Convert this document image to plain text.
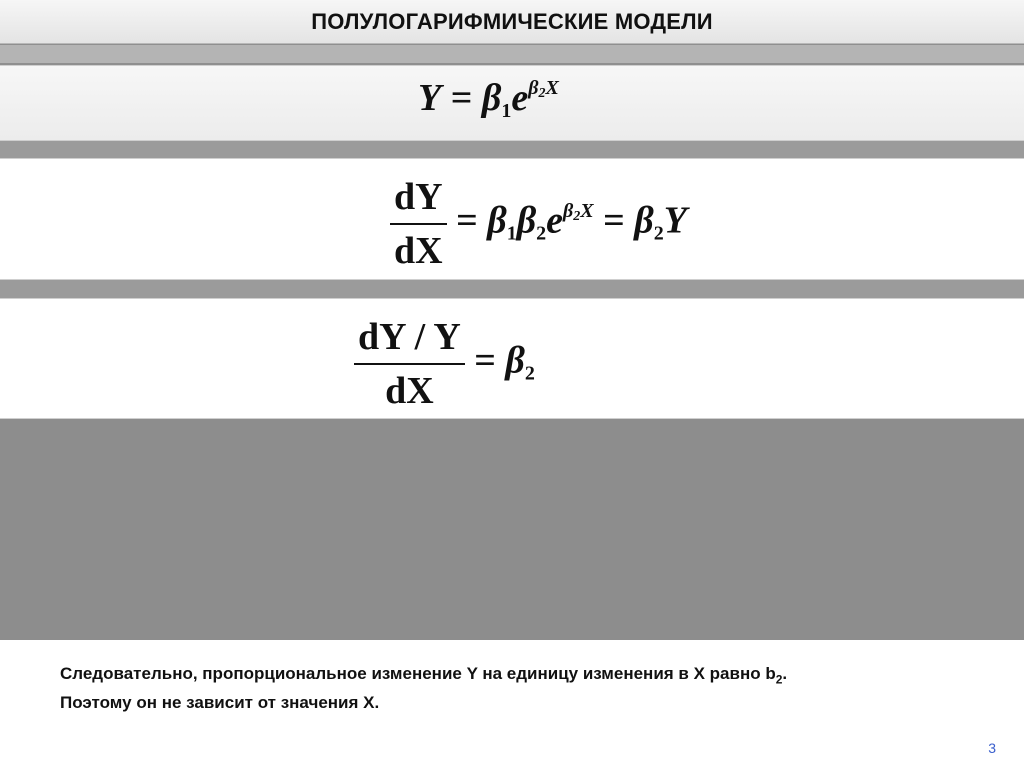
ПОЛУЛОГАРИФМИЧЕСКИЕ МОДЕЛИ
$Y = \beta_1e^{\beta_2X}$
$\frac{dY}{dX} = \beta_1\beta_2e^{\beta_2X} = \beta_2Y$
$\frac{dY / Y}{dX} = \beta_2$
Следовательно, пропорциональное изменение Y на единицу изменения в X равно $b_2$.
Поэтому он не зависит от значения X.
3
